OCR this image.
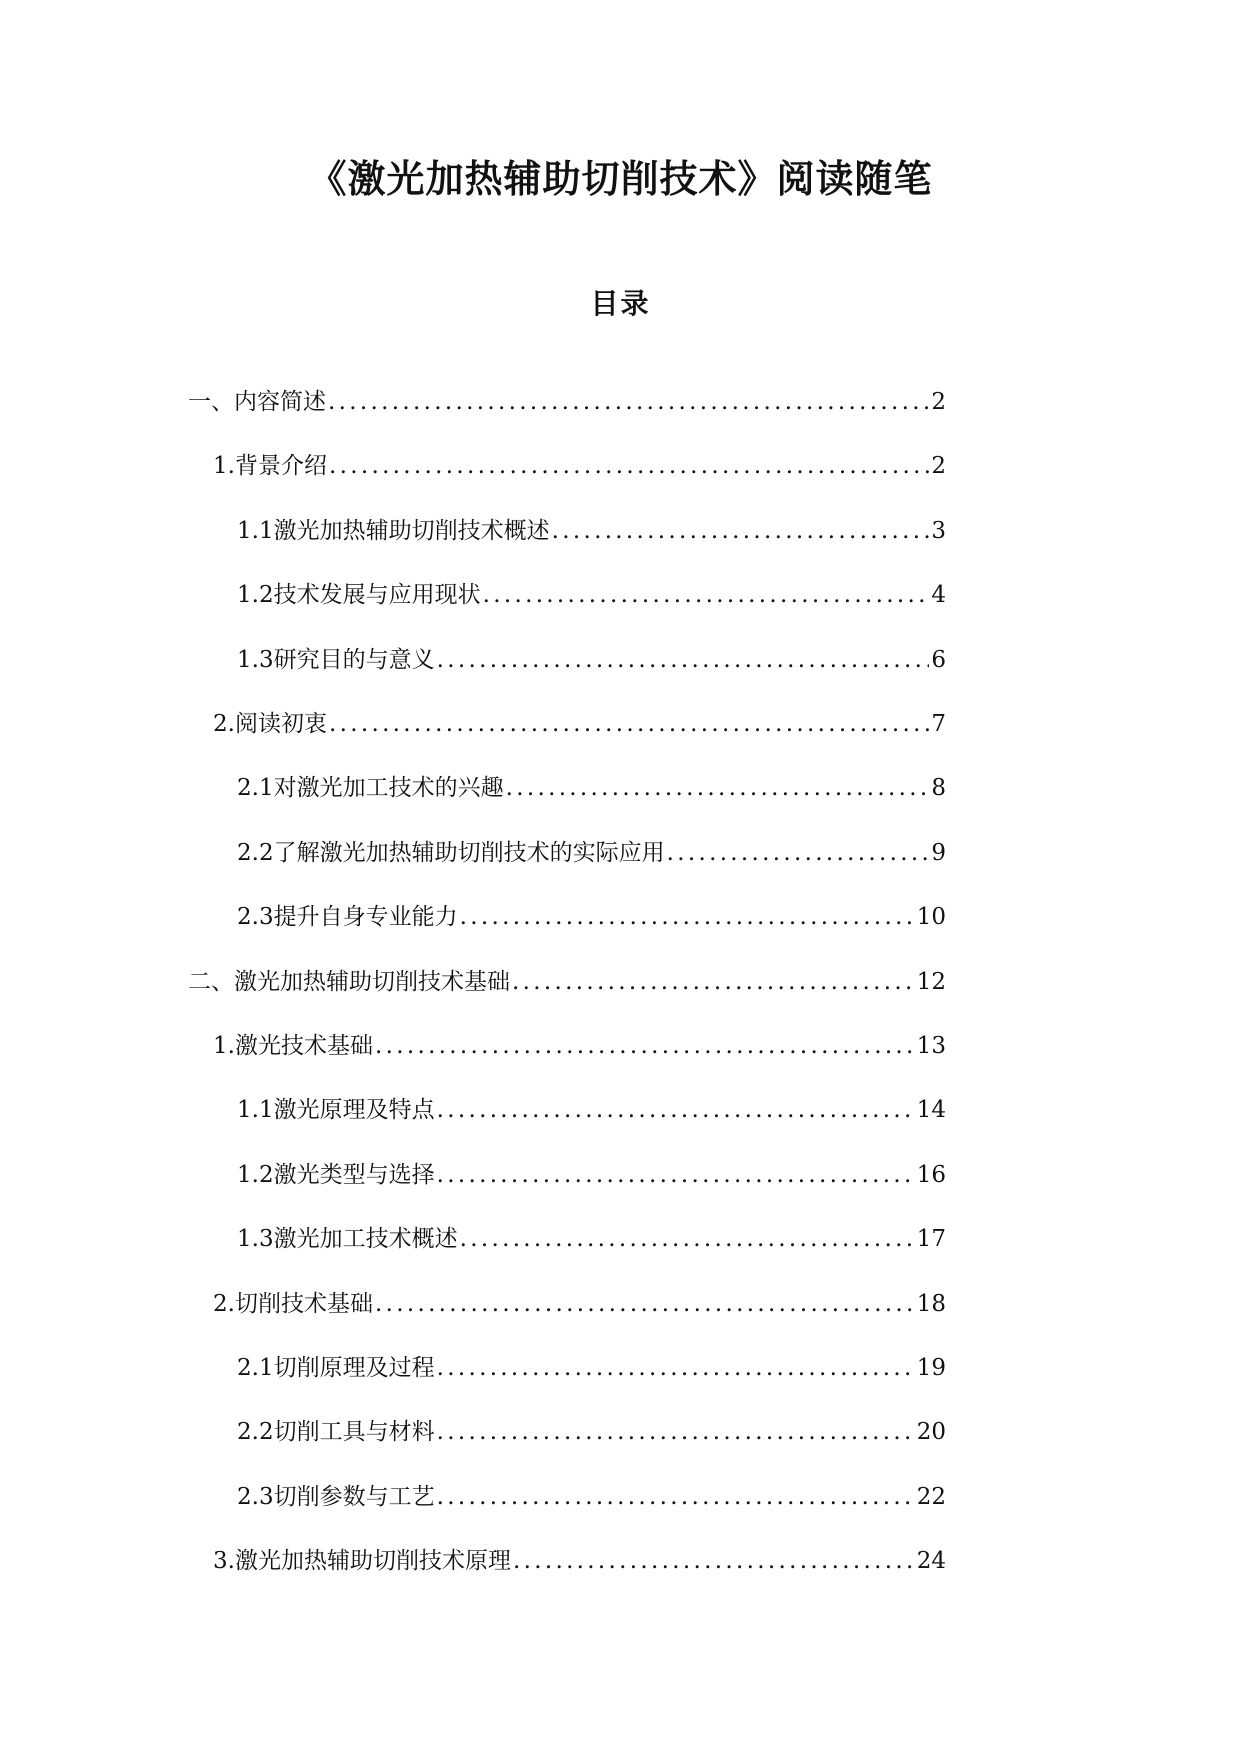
《激光加热辅助切削技术》阅读随笔
目录
一、 内容简述 . . .	2
1. 背景介绍 . . .	2
1.1 激光加热辅助切削技术概述 . . .	3
1.2 技术发展与应用现状 . . .	4
1.3 研究目的与意义 . . .	6
2. 阅读初衷 . . .	7
2.1 对激光加工技术的兴趣 . . .	8
2.2 了解激光加热辅助切削技术的实际应用 . . .	9
2.3 提升自身专业能力 . . .	10
二、 激光加热辅助切削技术基础 . . .	12
1. 激光技术基础 . . .	13
1.1 激光原理及特点 . . .	14
1.2 激光类型与选择 . . .	16
1.3 激光加工技术概述 . . .	17
2. 切削技术基础 . . .	18
2.1 切削原理及过程 . . .	19
2.2 切削工具与材料 . . .	20
2.3 切削参数与工艺 . . .	22
3. 激光加热辅助切削技术原理 . . .	24
